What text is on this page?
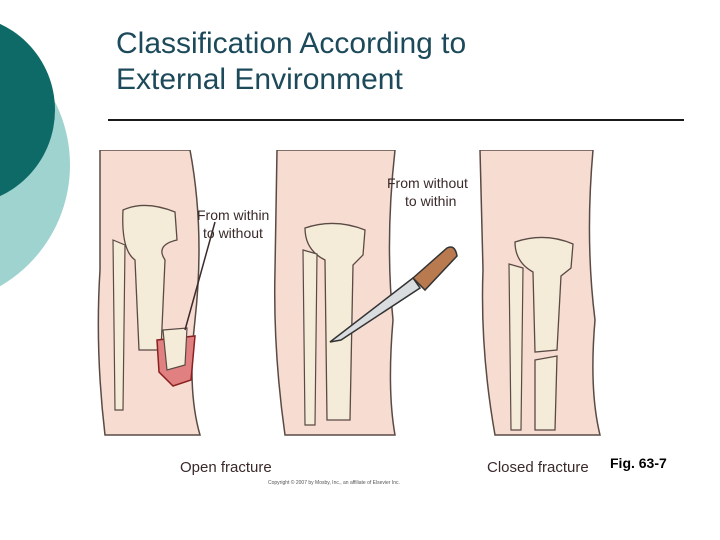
Classification According to
External Environment
From within
to without
From without
to within
Open fracture
Copyright © 2007 by Mosby, Inc., an affiliate of Elsevier Inc.
Closed fracture Fig. 63-7
